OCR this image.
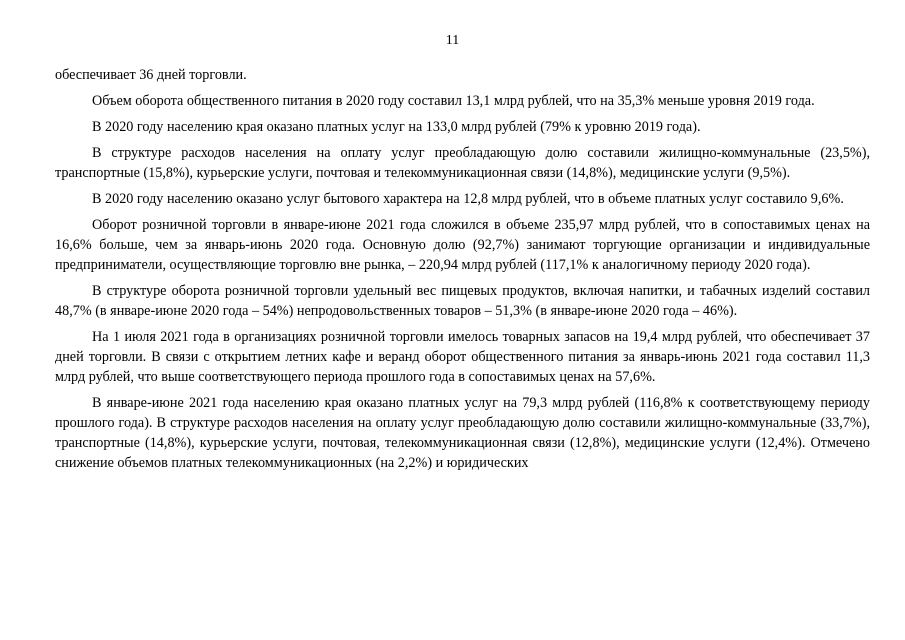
11

обеспечивает 36 дней торговли.

Объем оборота общественного питания в 2020 году составил 13,1 млрд рублей, что на 35,3% меньше уровня 2019 года.

В 2020 году населению края оказано платных услуг на 133,0 млрд рублей (79% к уровню 2019 года).

В структуре расходов населения на оплату услуг преобладающую долю составили жилищно-коммунальные (23,5%), транспортные (15,8%), курьерские услуги, почтовая и телекоммуникационная связи (14,8%), медицинские услуги (9,5%).

В 2020 году населению оказано услуг бытового характера на 12,8 млрд рублей, что в объеме платных услуг составило 9,6%.

Оборот розничной торговли в январе-июне 2021 года сложился в объеме 235,97 млрд рублей, что в сопоставимых ценах на 16,6% больше, чем за январь-июнь 2020 года. Основную долю (92,7%) занимают торгующие организации и индивидуальные предприниматели, осуществляющие торговлю вне рынка, – 220,94 млрд рублей (117,1% к аналогичному периоду 2020 года).

В структуре оборота розничной торговли удельный вес пищевых продуктов, включая напитки, и табачных изделий составил 48,7% (в январе-июне 2020 года – 54%) непродовольственных товаров – 51,3% (в январе-июне 2020 года – 46%).

На 1 июля 2021 года в организациях розничной торговли имелось товарных запасов на 19,4 млрд рублей, что обеспечивает 37 дней торговли. В связи с открытием летних кафе и веранд оборот общественного питания за январь-июнь 2021 года составил 11,3 млрд рублей, что выше соответствующего периода прошлого года в сопоставимых ценах на 57,6%.

В январе-июне 2021 года населению края оказано платных услуг на 79,3 млрд рублей (116,8% к соответствующему периоду прошлого года). В структуре расходов населения на оплату услуг преобладающую долю составили жилищно-коммунальные (33,7%), транспортные (14,8%), курьерские услуги, почтовая, телекоммуникационная связи (12,8%), медицинские услуги (12,4%). Отмечено снижение объемов платных телекоммуникационных (на 2,2%) и юридических
